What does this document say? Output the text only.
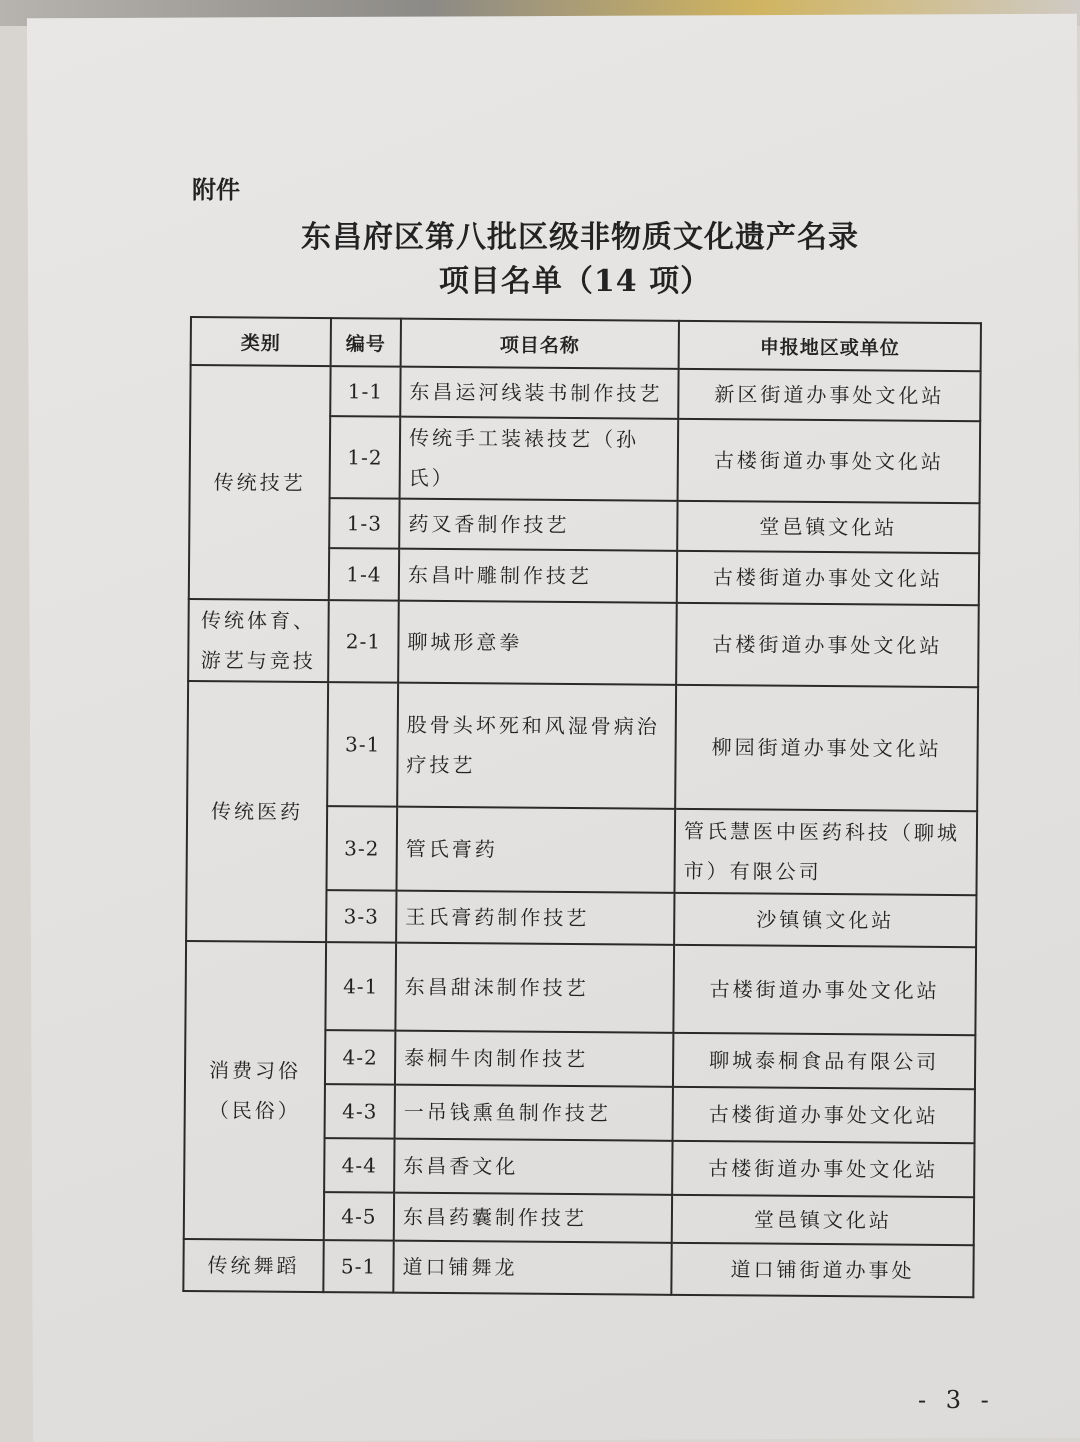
附件
东昌府区第八批区级非物质文化遗产名录
项目名单（14 项）
类别	编号	项目名称	申报地区或单位
传统技艺	1-1	东昌运河线装书制作技艺	新区街道办事处文化站
	1-2	传统手工装裱技艺（孙氏）	古楼街道办事处文化站
	1-3	药叉香制作技艺	堂邑镇文化站
	1-4	东昌叶雕制作技艺	古楼街道办事处文化站
传统体育、游艺与竞技	2-1	聊城形意拳	古楼街道办事处文化站
传统医药	3-1	股骨头坏死和风湿骨病治疗技艺	柳园街道办事处文化站
	3-2	管氏膏药	管氏慧医中医药科技（聊城市）有限公司
	3-3	王氏膏药制作技艺	沙镇镇文化站
消费习俗（民俗）	4-1	东昌甜沫制作技艺	古楼街道办事处文化站
	4-2	泰桐牛肉制作技艺	聊城泰桐食品有限公司
	4-3	一吊钱熏鱼制作技艺	古楼街道办事处文化站
	4-4	东昌香文化	古楼街道办事处文化站
	4-5	东昌药囊制作技艺	堂邑镇文化站
传统舞蹈	5-1	道口铺舞龙	道口铺街道办事处
- 3 -
